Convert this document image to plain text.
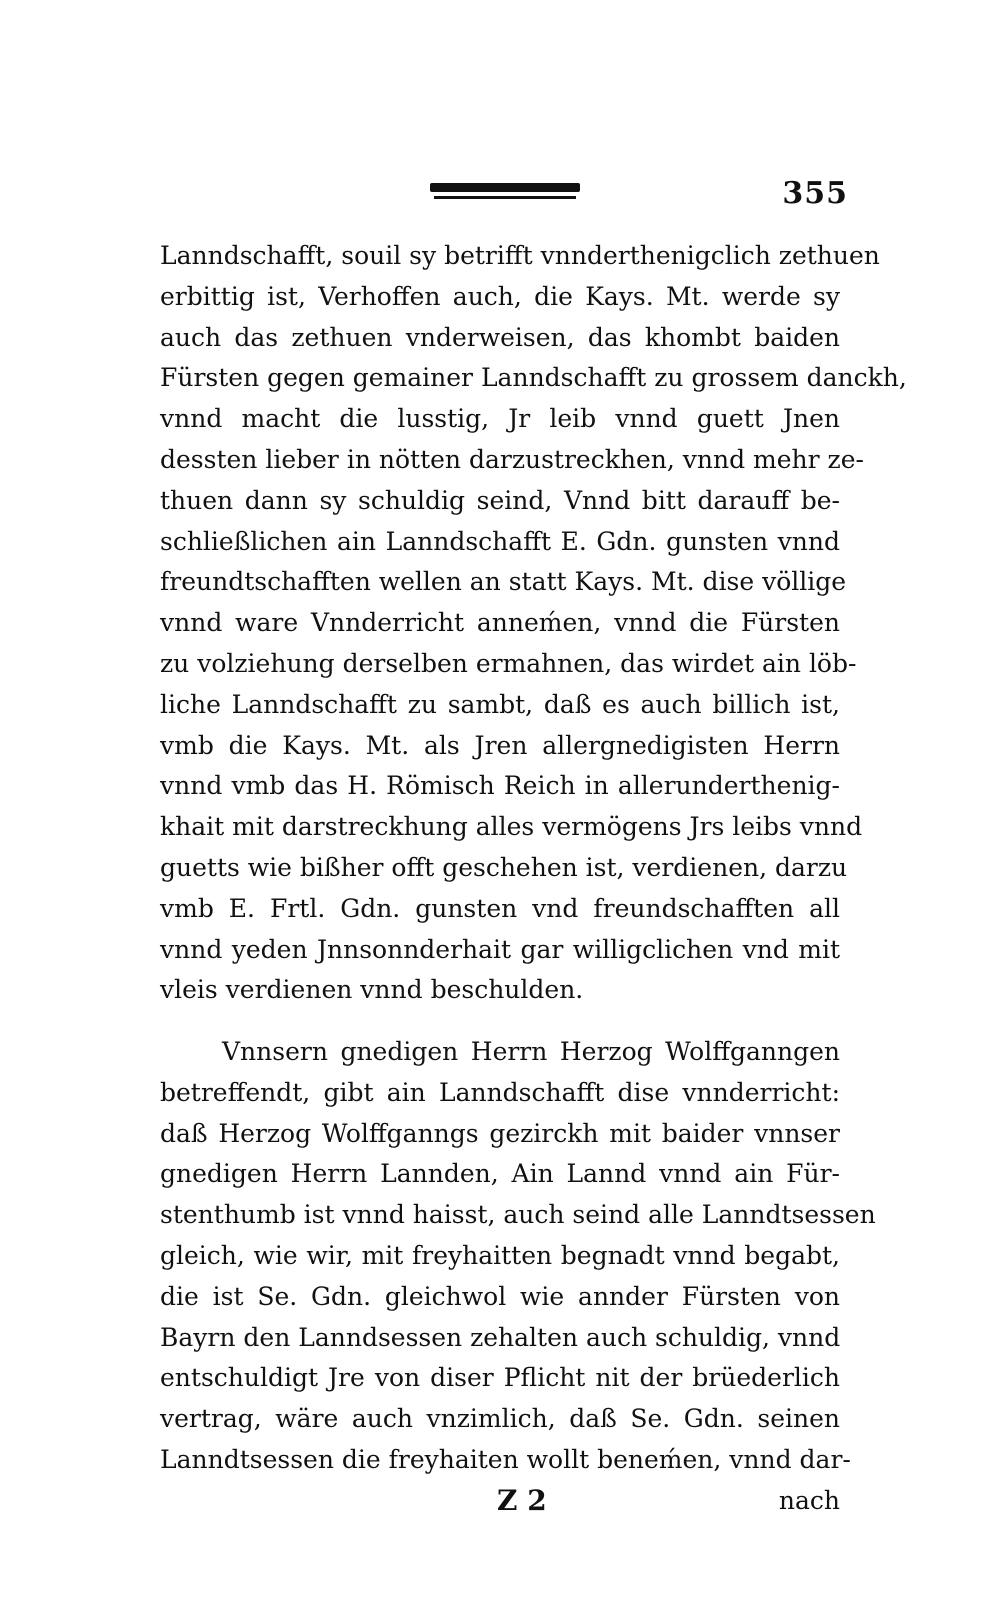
355
Lanndschafft, souil sy betrifft vnnderthenigclich zethuen
erbittig ist, Verhoffen auch, die Kays. Mt. werde sy
auch das zethuen vnderweisen, das khombt baiden
Fürsten gegen gemainer Lanndschafft zu grossem danckh,
vnnd macht die lusstig, Jr leib vnnd guett Jnen
dessten lieber in nötten darzustreckhen, vnnd mehr ze-
thuen dann sy schuldig seind, Vnnd bitt darauff be-
schließlichen ain Lanndschafft E. Gdn. gunsten vnnd
freundtschafften wellen an statt Kays. Mt. dise völlige
vnnd ware Vnnderricht anneḿen, vnnd die Fürsten
zu volziehung derselben ermahnen, das wirdet ain löb-
liche Lanndschafft zu sambt, daß es auch billich ist,
vmb die Kays. Mt. als Jren allergnedigisten Herrn
vnnd vmb das H. Römisch Reich in allerunderthenig-
khait mit darstreckhung alles vermögens Jrs leibs vnnd
guetts wie bißher offt geschehen ist, verdienen, darzu
vmb E. Frtl. Gdn. gunsten vnd freundschafften all
vnnd yeden Jnnsonnderhait gar willigclichen vnd mit
vleis verdienen vnnd beschulden.
Vnnsern gnedigen Herrn Herzog Wolffganngen
betreffendt, gibt ain Lanndschafft dise vnnderricht:
daß Herzog Wolffganngs gezirckh mit baider vnnser
gnedigen Herrn Lannden, Ain Lannd vnnd ain Für-
stenthumb ist vnnd haisst, auch seind alle Lanndtsessen
gleich, wie wir, mit freyhaitten begnadt vnnd begabt,
die ist Se. Gdn. gleichwol wie annder Fürsten von
Bayrn den Lanndsessen zehalten auch schuldig, vnnd
entschuldigt Jre von diser Pflicht nit der brüederlich
vertrag, wäre auch vnzimlich, daß Se. Gdn. seinen
Lanndtsessen die freyhaiten wollt beneḿen, vnnd dar-
Z 2	nach
